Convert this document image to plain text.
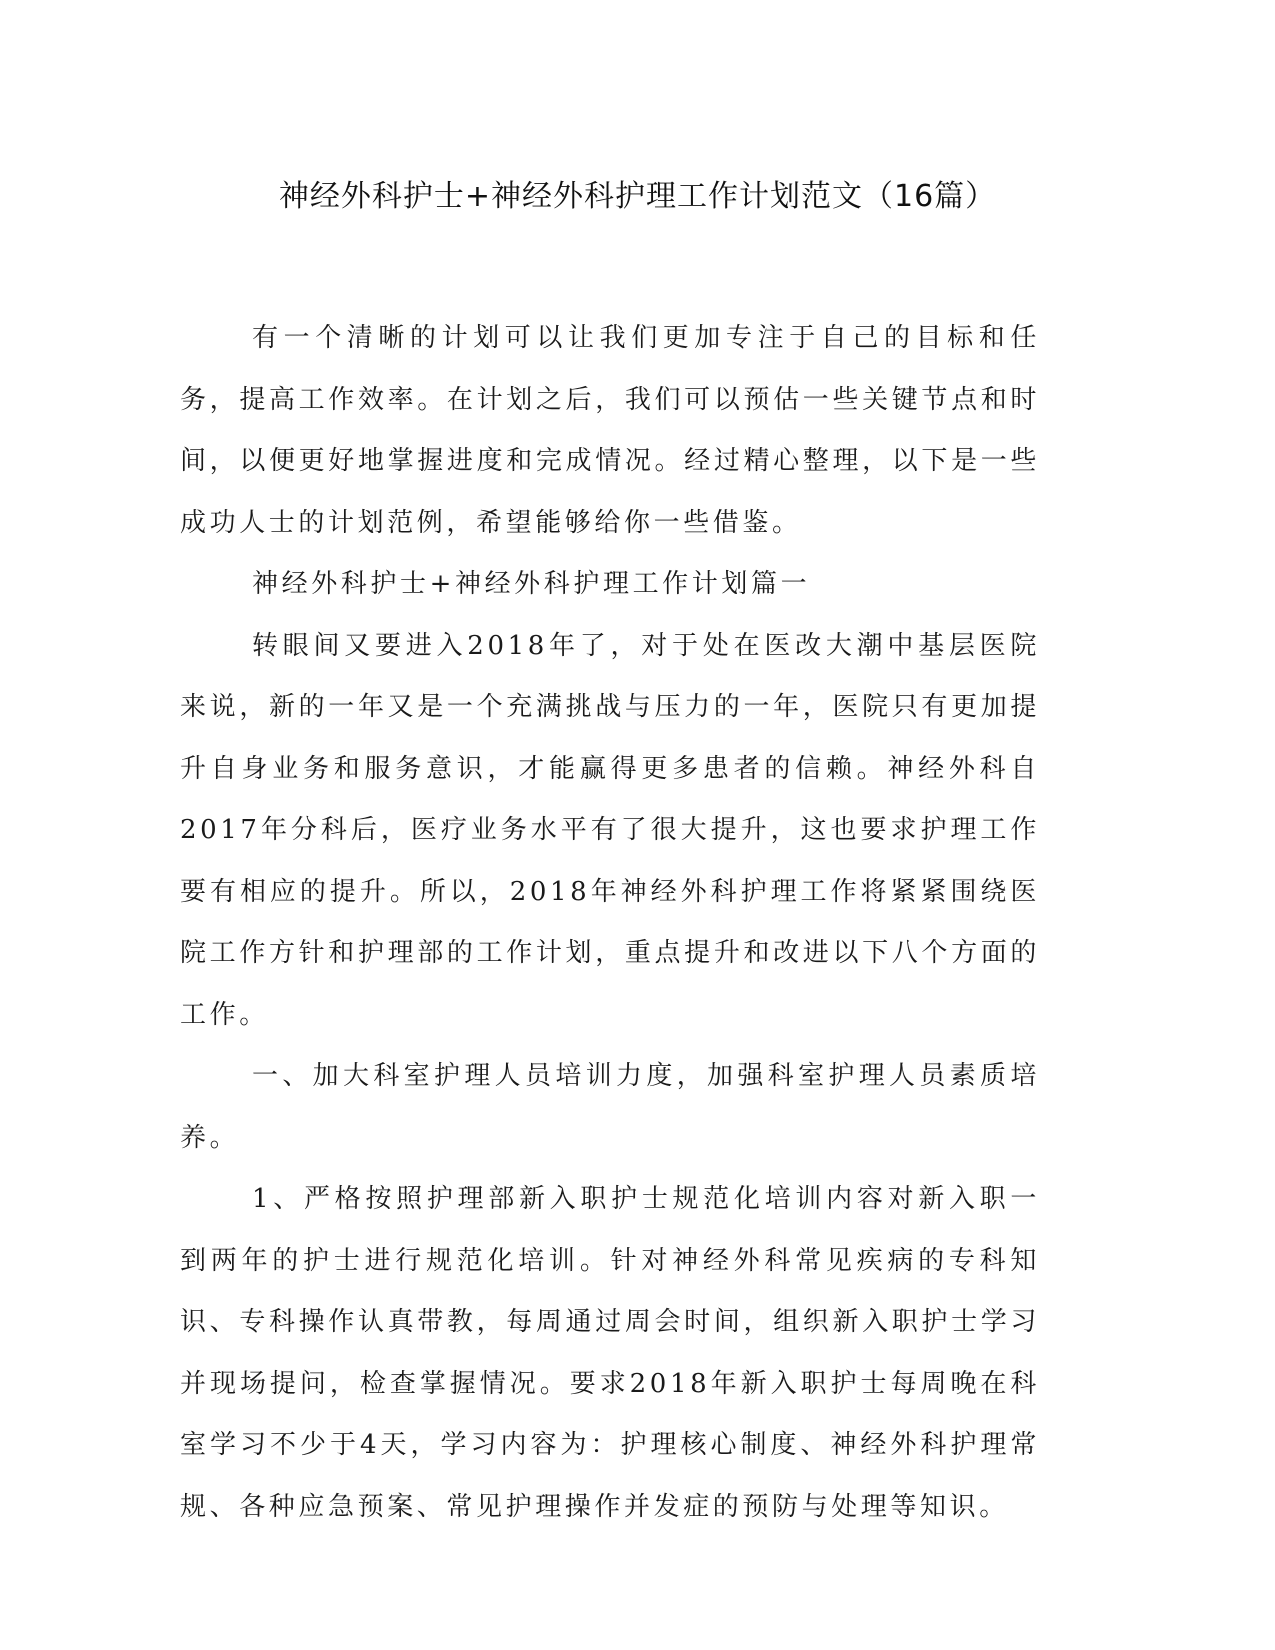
神经外科护士+神经外科护理工作计划范文（16篇）

有一个清晰的计划可以让我们更加专注于自己的目标和任务，提高工作效率。在计划之后，我们可以预估一些关键节点和时间，以便更好地掌握进度和完成情况。经过精心整理，以下是一些成功人士的计划范例，希望能够给你一些借鉴。

神经外科护士+神经外科护理工作计划篇一

转眼间又要进入2018年了，对于处在医改大潮中基层医院来说，新的一年又是一个充满挑战与压力的一年，医院只有更加提升自身业务和服务意识，才能赢得更多患者的信赖。神经外科自2017年分科后，医疗业务水平有了很大提升，这也要求护理工作要有相应的提升。所以，2018年神经外科护理工作将紧紧围绕医院工作方针和护理部的工作计划，重点提升和改进以下八个方面的工作。

一、加大科室护理人员培训力度，加强科室护理人员素质培养。

1、严格按照护理部新入职护士规范化培训内容对新入职一到两年的护士进行规范化培训。针对神经外科常见疾病的专科知识、专科操作认真带教，每周通过周会时间，组织新入职护士学习并现场提问，检查掌握情况。要求2018年新入职护士每周晚在科室学习不少于4天，学习内容为：护理核心制度、神经外科护理常规、各种应急预案、常见护理操作并发症的预防与处理等知识。
